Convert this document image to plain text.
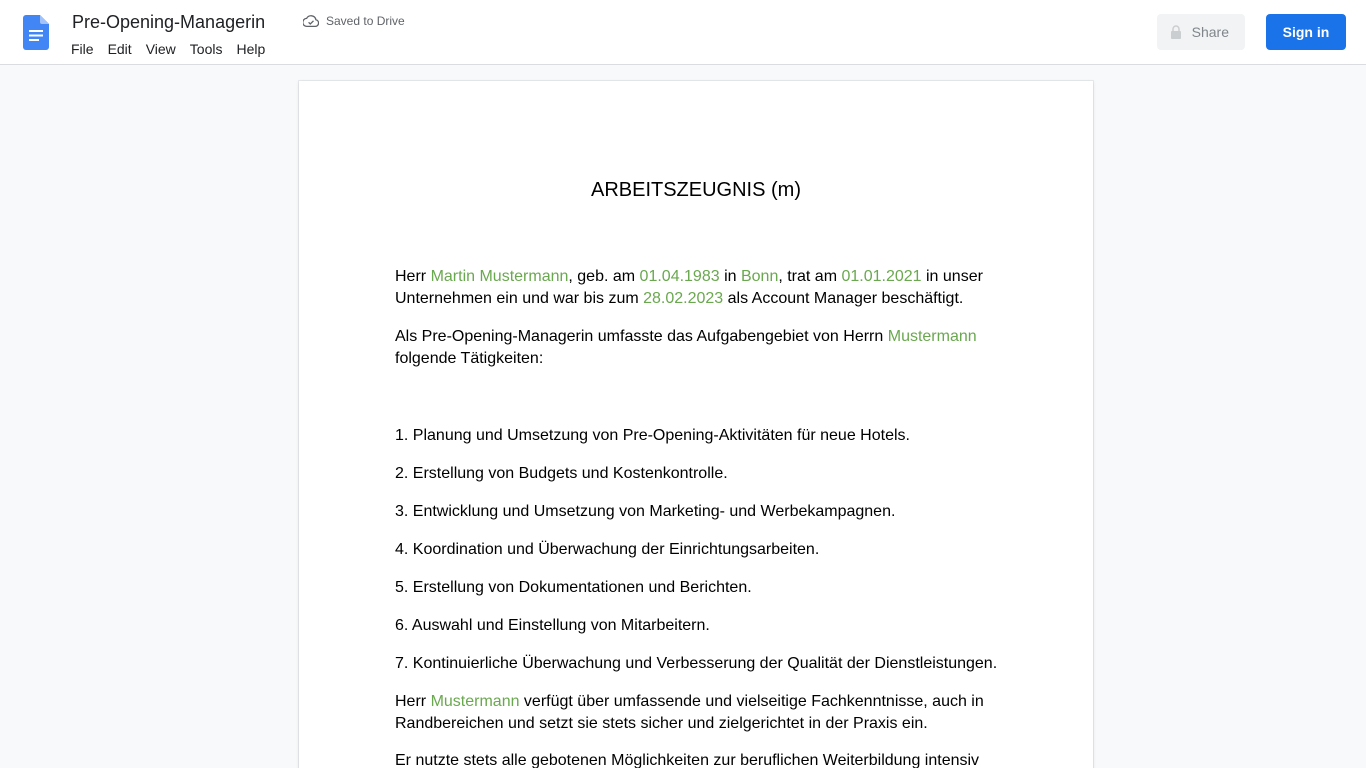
Pre-Opening-Managerin	Saved to Drive
File	Edit	View	Tools	Help
Share	Sign in
ARBEITSZEUGNIS (m)
Herr Martin Mustermann, geb. am 01.04.1983 in Bonn, trat am 01.01.2021 in unser Unternehmen ein und war bis zum 28.02.2023 als Account Manager beschäftigt.
Als Pre-Opening-Managerin umfasste das Aufgabengebiet von Herrn Mustermann folgende Tätigkeiten:
1. Planung und Umsetzung von Pre-Opening-Aktivitäten für neue Hotels.
2. Erstellung von Budgets und Kostenkontrolle.
3. Entwicklung und Umsetzung von Marketing- und Werbekampagnen.
4. Koordination und Überwachung der Einrichtungsarbeiten.
5. Erstellung von Dokumentationen und Berichten.
6. Auswahl und Einstellung von Mitarbeitern.
7. Kontinuierliche Überwachung und Verbesserung der Qualität der Dienstleistungen.
Herr Mustermann verfügt über umfassende und vielseitige Fachkenntnisse, auch in Randbereichen und setzt sie stets sicher und zielgerichtet in der Praxis ein.
Er nutzte stets alle gebotenen Möglichkeiten zur beruflichen Weiterbildung intensiv
